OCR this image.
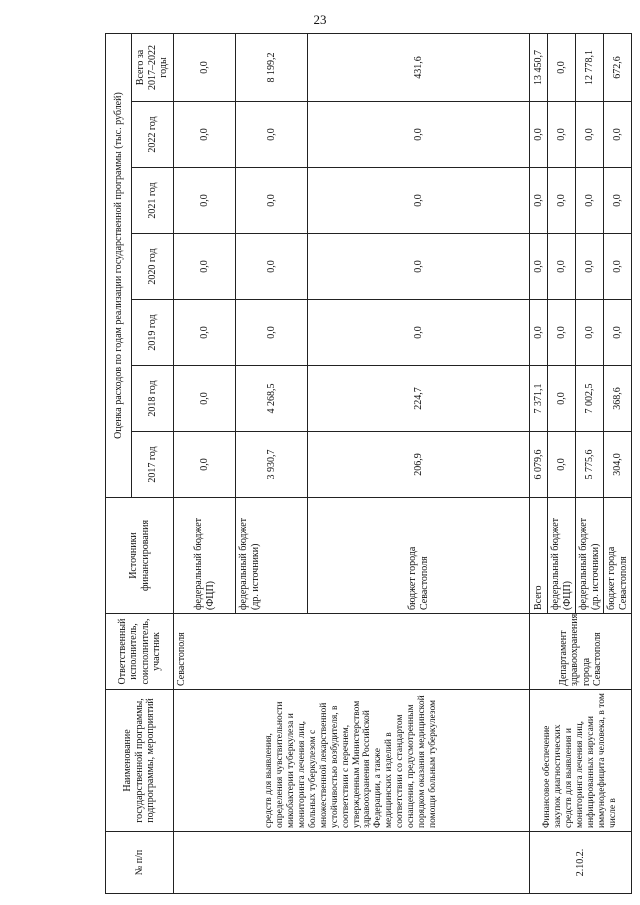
23
№ п/п	Наименование государственной программы, подпрограммы, мероприятий	Ответственный исполнитель, соисполнитель, участник	Источники финансирования	Оценка расходов по годам реализации государственной программы (тыс. рублей)						
				2017 год	2018 год	2019 год	2020 год	2021 год	2022 год	Всего за 2017–2022 годы
	средств для выявления, определения чувствительности микобактерии туберкулеза и мониторинга лечения лиц, больных туберкулезом с множественной лекарственной устойчивостью возбудителя, в соответствии с перечнем, утвержденным Министерством здравоохранения Российской Федерации, а также медицинских изделий в соответствии со стандартом оснащения, предусмотренным порядком оказания медицинской помощи больным туберкулезом	Севастополя	федеральный бюджет (ФЦП)	0,0	0,0	0,0	0,0	0,0	0,0	0,0
			федеральный бюджет (др. источники)	3 930,7	4 268,5	0,0	0,0	0,0	0,0	8 199,2
			бюджет города Севастополя	206,9	224,7	0,0	0,0	0,0	0,0	431,6
2.10.2.	Финансовое обеспечение закупок диагностических средств для выявления и мониторинга лечения лиц, инфицированных вирусами иммунодефицита человека, в том числе в	Департамент здравоохранения города Севастополя	Всего	6 079,6	7 371,1	0,0	0,0	0,0	0,0	13 450,7
			федеральный бюджет (ФЦП)	0,0	0,0	0,0	0,0	0,0	0,0	0,0
			федеральный бюджет (др. источники)	5 775,6	7 002,5	0,0	0,0	0,0	0,0	12 778,1
			бюджет города Севастополя	304,0	368,6	0,0	0,0	0,0	0,0	672,6
